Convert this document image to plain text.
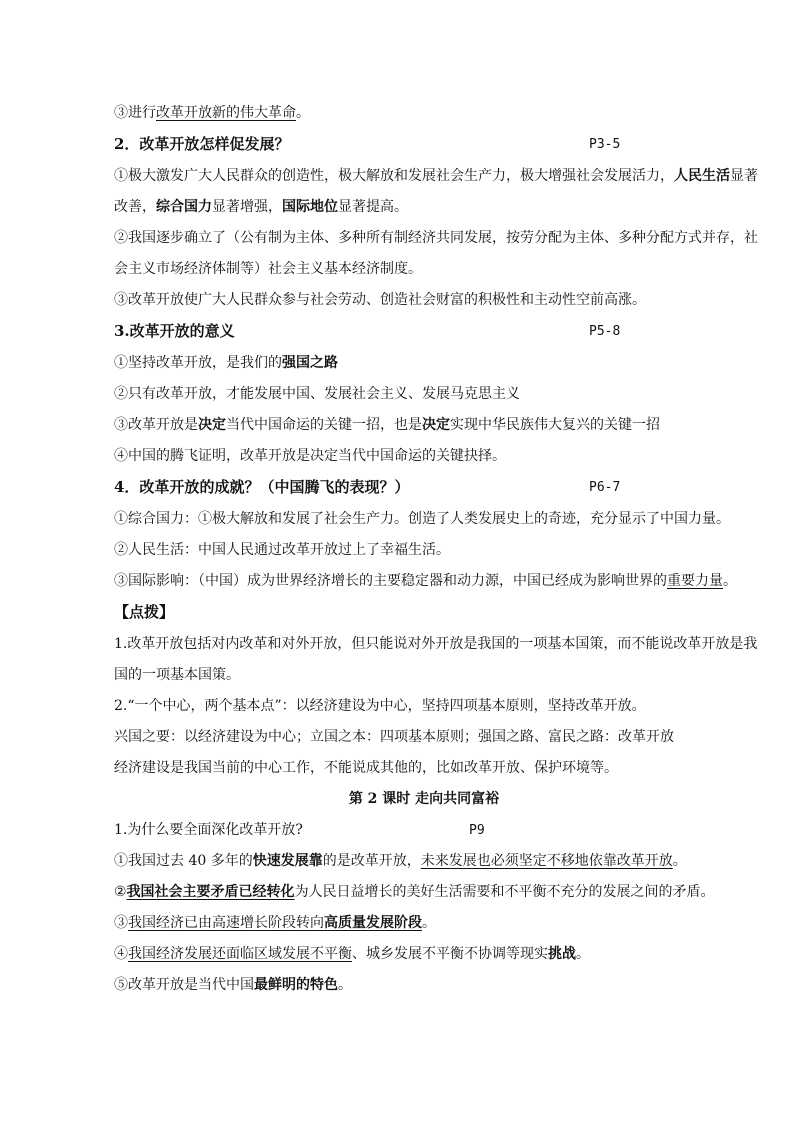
③进行改革开放新的伟大革命。
2．改革开放怎样促发展？	P3-5
①极大激发广大人民群众的创造性，极大解放和发展社会生产力，极大增强社会发展活力，人民生活显著
改善，综合国力显著增强，国际地位显著提高。
②我国逐步确立了（公有制为主体、多种所有制经济共同发展，按劳分配为主体、多种分配方式并存，社
会主义市场经济体制等）社会主义基本经济制度。
③改革开放使广大人民群众参与社会劳动、创造社会财富的积极性和主动性空前高涨。
3.改革开放的意义	P5-8
①坚持改革开放，是我们的强国之路
②只有改革开放，才能发展中国、发展社会主义、发展马克思主义
③改革开放是决定当代中国命运的关键一招，也是决定实现中华民族伟大复兴的关键一招
④中国的腾飞证明，改革开放是决定当代中国命运的关键抉择。
4．改革开放的成就？（中国腾飞的表现？）	P6-7
①综合国力：①极大解放和发展了社会生产力。创造了人类发展史上的奇迹，充分显示了中国力量。
②人民生活：中国人民通过改革开放过上了幸福生活。
③国际影响：（中国）成为世界经济增长的主要稳定器和动力源，中国已经成为影响世界的重要力量。
【点拨】
1.改革开放包括对内改革和对外开放，但只能说对外开放是我国的一项基本国策，而不能说改革开放是我
国的一项基本国策。
2.“一个中心，两个基本点”：以经济建设为中心，坚持四项基本原则，坚持改革开放。
兴国之要：以经济建设为中心；立国之本：四项基本原则；强国之路、富民之路：改革开放
经济建设是我国当前的中心工作，不能说成其他的，比如改革开放、保护环境等。
第 2 课时 走向共同富裕
1.为什么要全面深化改革开放?	P9
①我国过去 40 多年的快速发展靠的是改革开放，未来发展也必须坚定不移地依靠改革开放。
②我国社会主要矛盾已经转化为人民日益增长的美好生活需要和不平衡不充分的发展之间的矛盾。
③我国经济已由高速增长阶段转向高质量发展阶段。
④我国经济发展还面临区域发展不平衡、城乡发展不平衡不协调等现实挑战。
⑤改革开放是当代中国最鲜明的特色。
